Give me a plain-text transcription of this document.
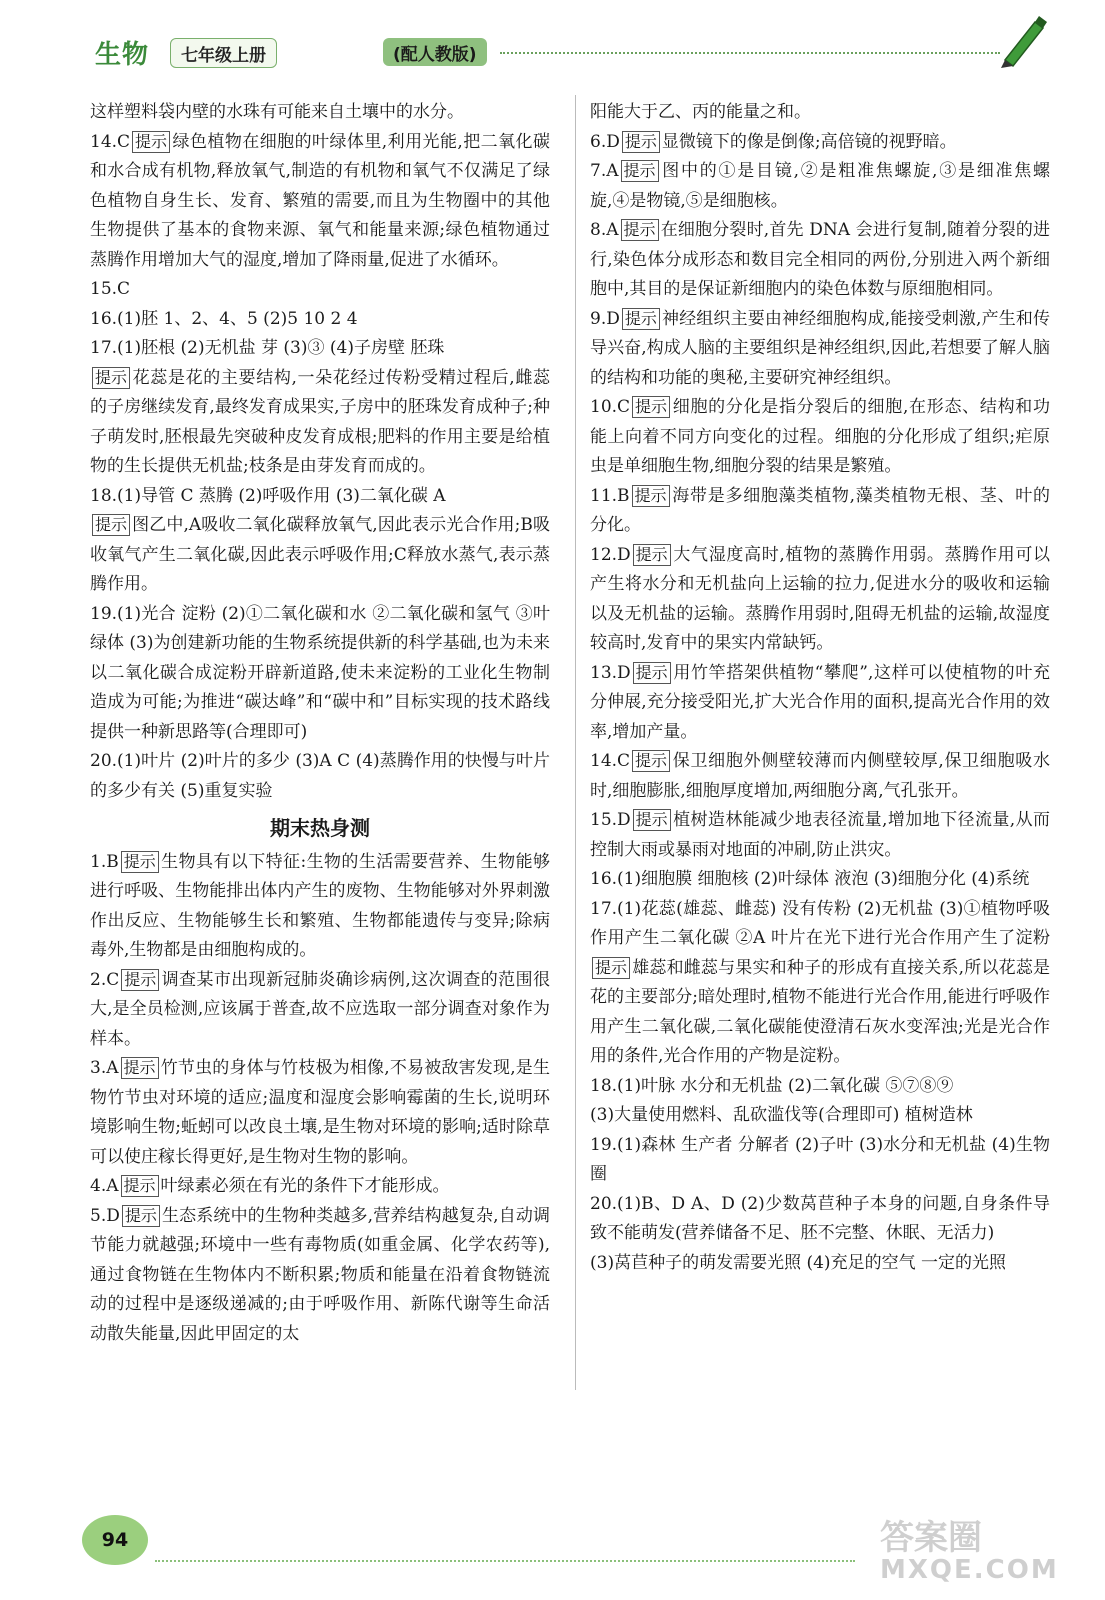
生物	七年级上册	(配人教版)

这样塑料袋内壁的水珠有可能来自土壤中的水分。

14.C 提示 绿色植物在细胞的叶绿体里,利用光能,把二氧化碳和水合成有机物,释放氧气,制造的有机物和氧气不仅满足了绿色植物自身生长、发育、繁殖的需要,而且为生物圈中的其他生物提供了基本的食物来源、氧气和能量来源;绿色植物通过蒸腾作用增加大气的湿度,增加了降雨量,促进了水循环。

15.C

16.(1)胚 1、2、4、5 (2)5 10 2 4

17.(1)胚根 (2)无机盐 芽 (3)③ (4)子房壁 胚珠

提示 花蕊是花的主要结构,一朵花经过传粉受精过程后,雌蕊的子房继续发育,最终发育成果实,子房中的胚珠发育成种子;种子萌发时,胚根最先突破种皮发育成根;肥料的作用主要是给植物的生长提供无机盐;枝条是由芽发育而成的。

18.(1)导管 C 蒸腾 (2)呼吸作用 (3)二氧化碳 A

提示 图乙中,A吸收二氧化碳释放氧气,因此表示光合作用;B吸收氧气产生二氧化碳,因此表示呼吸作用;C释放水蒸气,表示蒸腾作用。

19.(1)光合 淀粉 (2)①二氧化碳和水 ②二氧化碳和氢气 ③叶绿体 (3)为创建新功能的生物系统提供新的科学基础,也为未来以二氧化碳合成淀粉开辟新道路,使未来淀粉的工业化生物制造成为可能;为推进“碳达峰”和“碳中和”目标实现的技术路线提供一种新思路等(合理即可)

20.(1)叶片 (2)叶片的多少 (3)A C (4)蒸腾作用的快慢与叶片的多少有关 (5)重复实验

期末热身测

1.B 提示 生物具有以下特征:生物的生活需要营养、生物能够进行呼吸、生物能排出体内产生的废物、生物能够对外界刺激作出反应、生物能够生长和繁殖、生物都能遗传与变异;除病毒外,生物都是由细胞构成的。

2.C 提示 调查某市出现新冠肺炎确诊病例,这次调查的范围很大,是全员检测,应该属于普查,故不应选取一部分调查对象作为样本。

3.A 提示 竹节虫的身体与竹枝极为相像,不易被敌害发现,是生物竹节虫对环境的适应;温度和湿度会影响霉菌的生长,说明环境影响生物;蚯蚓可以改良土壤,是生物对环境的影响;适时除草可以使庄稼长得更好,是生物对生物的影响。

4.A 提示 叶绿素必须在有光的条件下才能形成。

5.D 提示 生态系统中的生物种类越多,营养结构越复杂,自动调节能力就越强;环境中一些有毒物质(如重金属、化学农药等),通过食物链在生物体内不断积累;物质和能量在沿着食物链流动的过程中是逐级递减的;由于呼吸作用、新陈代谢等生命活动散失能量,因此甲固定的太

阳能大于乙、丙的能量之和。

6.D 提示 显微镜下的像是倒像;高倍镜的视野暗。

7.A 提示 图中的①是目镜,②是粗准焦螺旋,③是细准焦螺旋,④是物镜,⑤是细胞核。

8.A 提示 在细胞分裂时,首先 DNA 会进行复制,随着分裂的进行,染色体分成形态和数目完全相同的两份,分别进入两个新细胞中,其目的是保证新细胞内的染色体数与原细胞相同。

9.D 提示 神经组织主要由神经细胞构成,能接受刺激,产生和传导兴奋,构成人脑的主要组织是神经组织,因此,若想要了解人脑的结构和功能的奥秘,主要研究神经组织。

10.C 提示 细胞的分化是指分裂后的细胞,在形态、结构和功能上向着不同方向变化的过程。细胞的分化形成了组织;疟原虫是单细胞生物,细胞分裂的结果是繁殖。

11.B 提示 海带是多细胞藻类植物,藻类植物无根、茎、叶的分化。

12.D 提示 大气湿度高时,植物的蒸腾作用弱。蒸腾作用可以产生将水分和无机盐向上运输的拉力,促进水分的吸收和运输以及无机盐的运输。蒸腾作用弱时,阻碍无机盐的运输,故湿度较高时,发育中的果实内常缺钙。

13.D 提示 用竹竿搭架供植物“攀爬”,这样可以使植物的叶充分伸展,充分接受阳光,扩大光合作用的面积,提高光合作用的效率,增加产量。

14.C 提示 保卫细胞外侧壁较薄而内侧壁较厚,保卫细胞吸水时,细胞膨胀,细胞厚度增加,两细胞分离,气孔张开。

15.D 提示 植树造林能减少地表径流量,增加地下径流量,从而控制大雨或暴雨对地面的冲刷,防止洪灾。

16.(1)细胞膜 细胞核 (2)叶绿体 液泡 (3)细胞分化 (4)系统

17.(1)花蕊(雄蕊、雌蕊) 没有传粉 (2)无机盐 (3)①植物呼吸作用产生二氧化碳 ②A 叶片在光下进行光合作用产生了淀粉提示 雄蕊和雌蕊与果实和种子的形成有直接关系,所以花蕊是花的主要部分;暗处理时,植物不能进行光合作用,能进行呼吸作用产生二氧化碳,二氧化碳能使澄清石灰水变浑浊;光是光合作用的条件,光合作用的产物是淀粉。

18.(1)叶脉 水分和无机盐 (2)二氧化碳 ⑤⑦⑧⑨

(3)大量使用燃料、乱砍滥伐等(合理即可) 植树造林

19.(1)森林 生产者 分解者 (2)子叶 (3)水分和无机盐 (4)生物圈

20.(1)B、D A、D (2)少数莴苣种子本身的问题,自身条件导致不能萌发(营养储备不足、胚不完整、休眠、无活力)

(3)莴苣种子的萌发需要光照 (4)充足的空气 一定的光照

94	答案圈
MXQE.COM
